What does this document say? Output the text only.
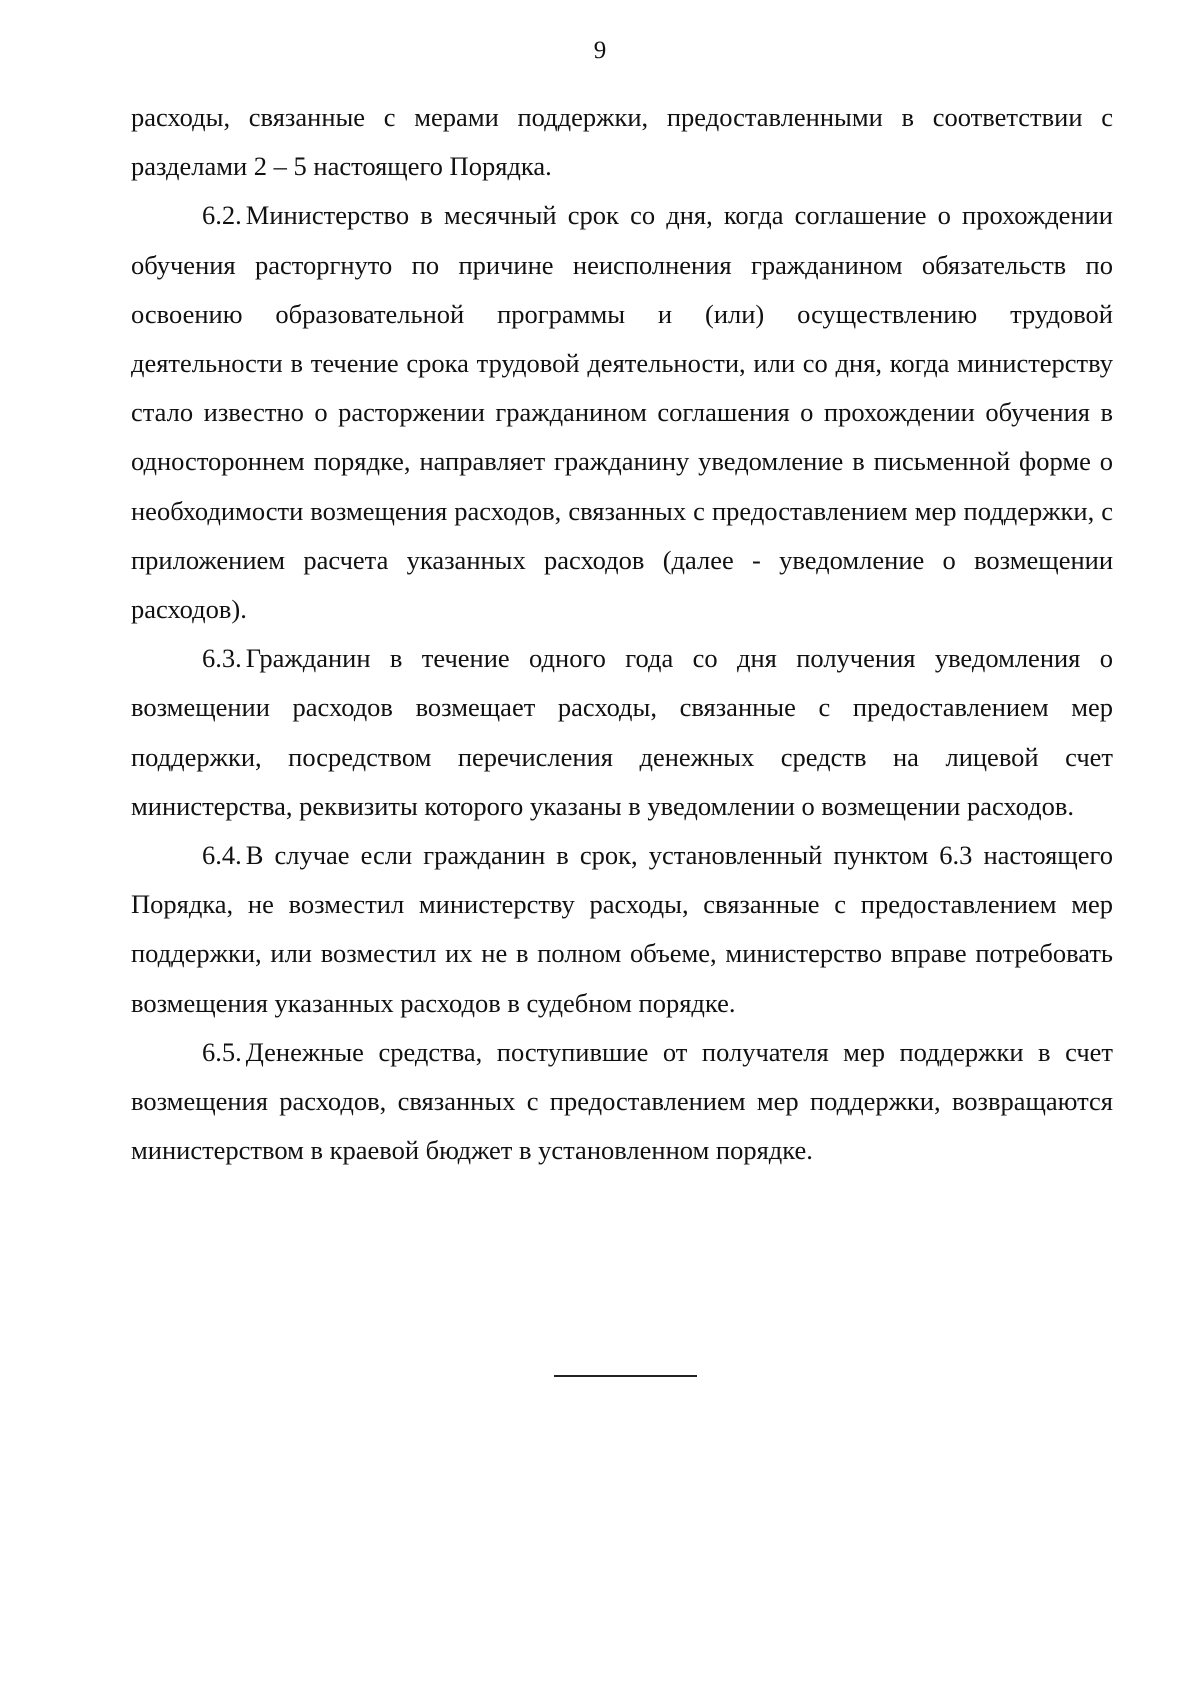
9

расходы, связанные с мерами поддержки, предоставленными в соответствии с разделами 2 – 5 настоящего Порядка.

6.2. Министерство в месячный срок со дня, когда соглашение о прохождении обучения расторгнуто по причине неисполнения гражданином обязательств по освоению образовательной программы и (или) осуществлению трудовой деятельности в течение срока трудовой деятельности, или со дня, когда министерству стало известно о расторжении гражданином соглашения о прохождении обучения в одностороннем порядке, направляет гражданину уведомление в письменной форме о необходимости возмещения расходов, связанных с предоставлением мер поддержки, с приложением расчета указанных расходов (далее - уведомление о возмещении расходов).

6.3. Гражданин в течение одного года со дня получения уведомления о возмещении расходов возмещает расходы, связанные с предоставлением мер поддержки, посредством перечисления денежных средств на лицевой счет министерства, реквизиты которого указаны в уведомлении о возмещении расходов.

6.4. В случае если гражданин в срок, установленный пунктом 6.3 настоящего Порядка, не возместил министерству расходы, связанные с предоставлением мер поддержки, или возместил их не в полном объеме, министерство вправе потребовать возмещения указанных расходов в судебном порядке.

6.5. Денежные средства, поступившие от получателя мер поддержки в счет возмещения расходов, связанных с предоставлением мер поддержки, возвращаются министерством в краевой бюджет в установленном порядке.
